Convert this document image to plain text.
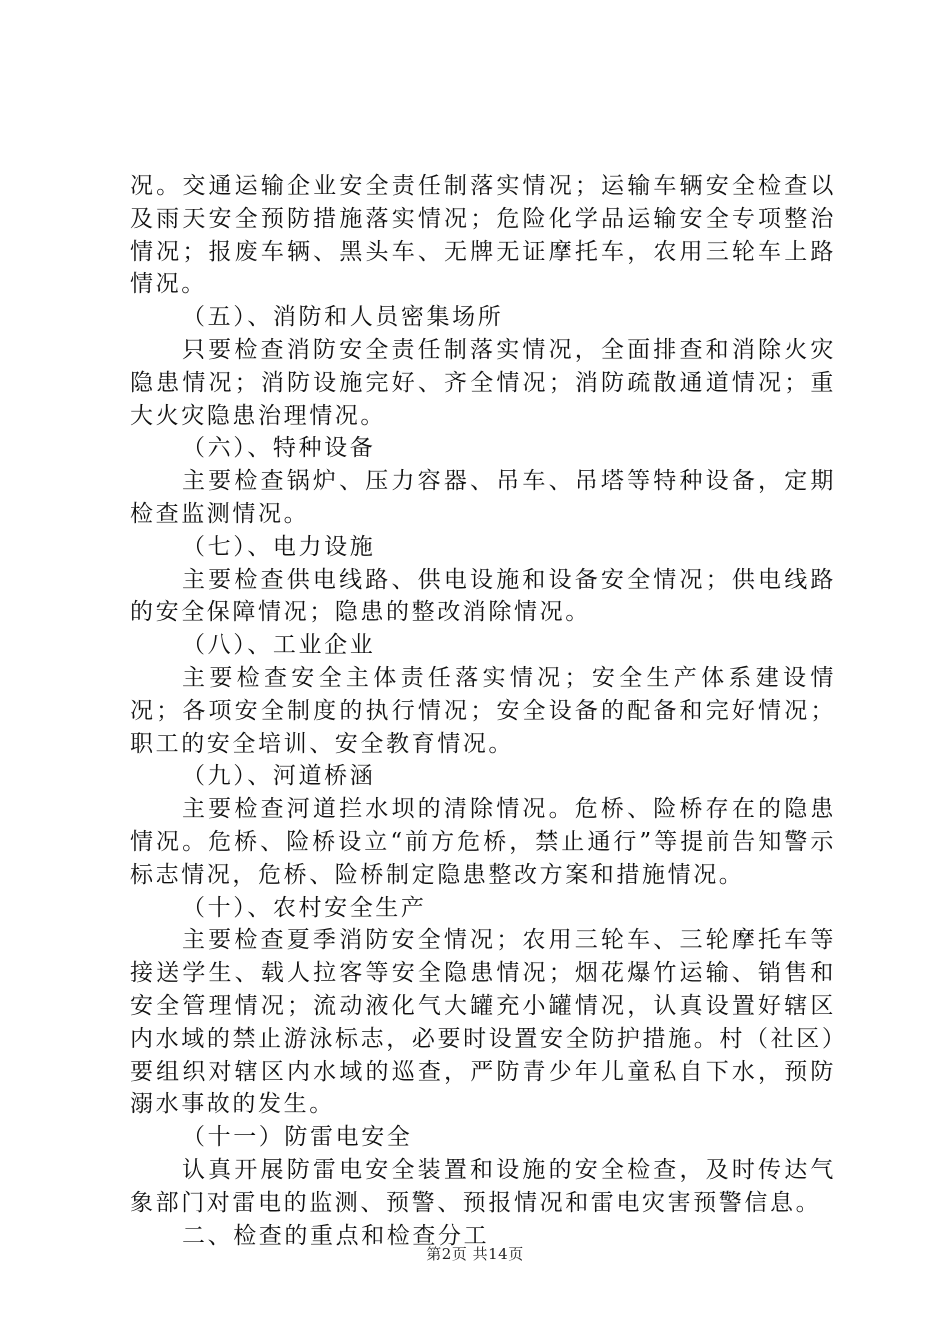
况。交通运输企业安全责任制落实情况；运输车辆安全检查以及雨天安全预防措施落实情况；危险化学品运输安全专项整治情况；报废车辆、黑头车、无牌无证摩托车，农用三轮车上路情况。

（五）、消防和人员密集场所

只要检查消防安全责任制落实情况，全面排查和消除火灾隐患情况；消防设施完好、齐全情况；消防疏散通道情况；重大火灾隐患治理情况。

（六）、特种设备

主要检查锅炉、压力容器、吊车、吊塔等特种设备，定期检查监测情况。

（七）、电力设施

主要检查供电线路、供电设施和设备安全情况；供电线路的安全保障情况；隐患的整改消除情况。

（八）、工业企业

主要检查安全主体责任落实情况；安全生产体系建设情况；各项安全制度的执行情况；安全设备的配备和完好情况；职工的安全培训、安全教育情况。

（九）、河道桥涵

主要检查河道拦水坝的清除情况。危桥、险桥存在的隐患情况。危桥、险桥设立“前方危桥，禁止通行”等提前告知警示标志情况，危桥、险桥制定隐患整改方案和措施情况。

（十）、农村安全生产

主要检查夏季消防安全情况；农用三轮车、三轮摩托车等接送学生、载人拉客等安全隐患情况；烟花爆竹运输、销售和安全管理情况；流动液化气大罐充小罐情况，认真设置好辖区内水域的禁止游泳标志，必要时设置安全防护措施。村（社区）要组织对辖区内水域的巡查，严防青少年儿童私自下水，预防溺水事故的发生。

（十一）防雷电安全

认真开展防雷电安全装置和设施的安全检查，及时传达气象部门对雷电的监测、预警、预报情况和雷电灾害预警信息。

二、检查的重点和检查分工

第2页 共14页
